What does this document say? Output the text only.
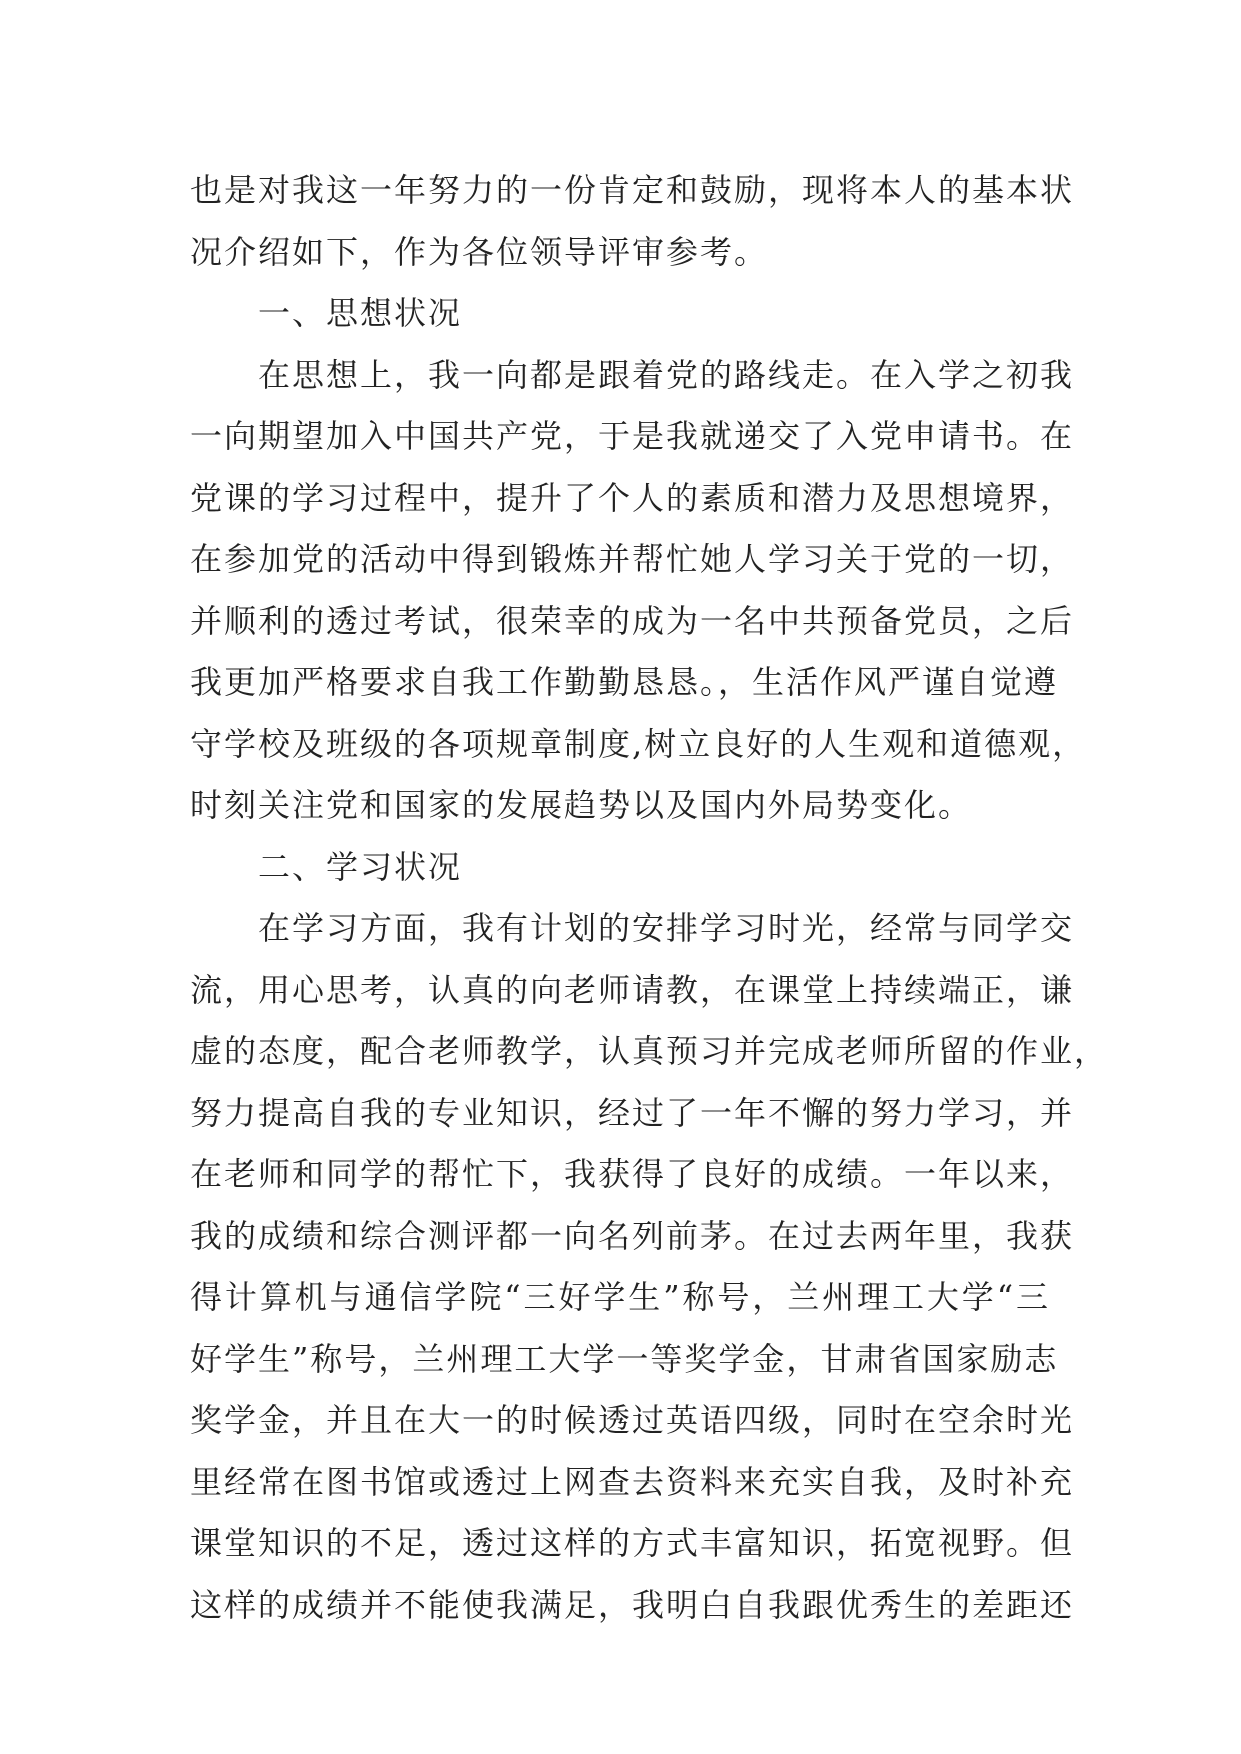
也是对我这一年努力的一份肯定和鼓励，现将本人的基本状
况介绍如下，作为各位领导评审参考。
一、思想状况
在思想上，我一向都是跟着党的路线走。在入学之初我
一向期望加入中国共产党，于是我就递交了入党申请书。在
党课的学习过程中，提升了个人的素质和潜力及思想境界，
在参加党的活动中得到锻炼并帮忙她人学习关于党的一切，
并顺利的透过考试，很荣幸的成为一名中共预备党员，之后
我更加严格要求自我工作勤勤恳恳。，生活作风严谨自觉遵
守学校及班级的各项规章制度,树立良好的人生观和道德观，
时刻关注党和国家的发展趋势以及国内外局势变化。
二、学习状况
在学习方面，我有计划的安排学习时光，经常与同学交
流，用心思考，认真的向老师请教，在课堂上持续端正，谦
虚的态度，配合老师教学，认真预习并完成老师所留的作业，
努力提高自我的专业知识，经过了一年不懈的努力学习，并
在老师和同学的帮忙下，我获得了良好的成绩。一年以来，
我的成绩和综合测评都一向名列前茅。在过去两年里，我获
得计算机与通信学院“三好学生”称号，兰州理工大学“三
好学生”称号，兰州理工大学一等奖学金，甘肃省国家励志
奖学金，并且在大一的时候透过英语四级，同时在空余时光
里经常在图书馆或透过上网查去资料来充实自我，及时补充
课堂知识的不足，透过这样的方式丰富知识，拓宽视野。但
这样的成绩并不能使我满足，我明白自我跟优秀生的差距还
